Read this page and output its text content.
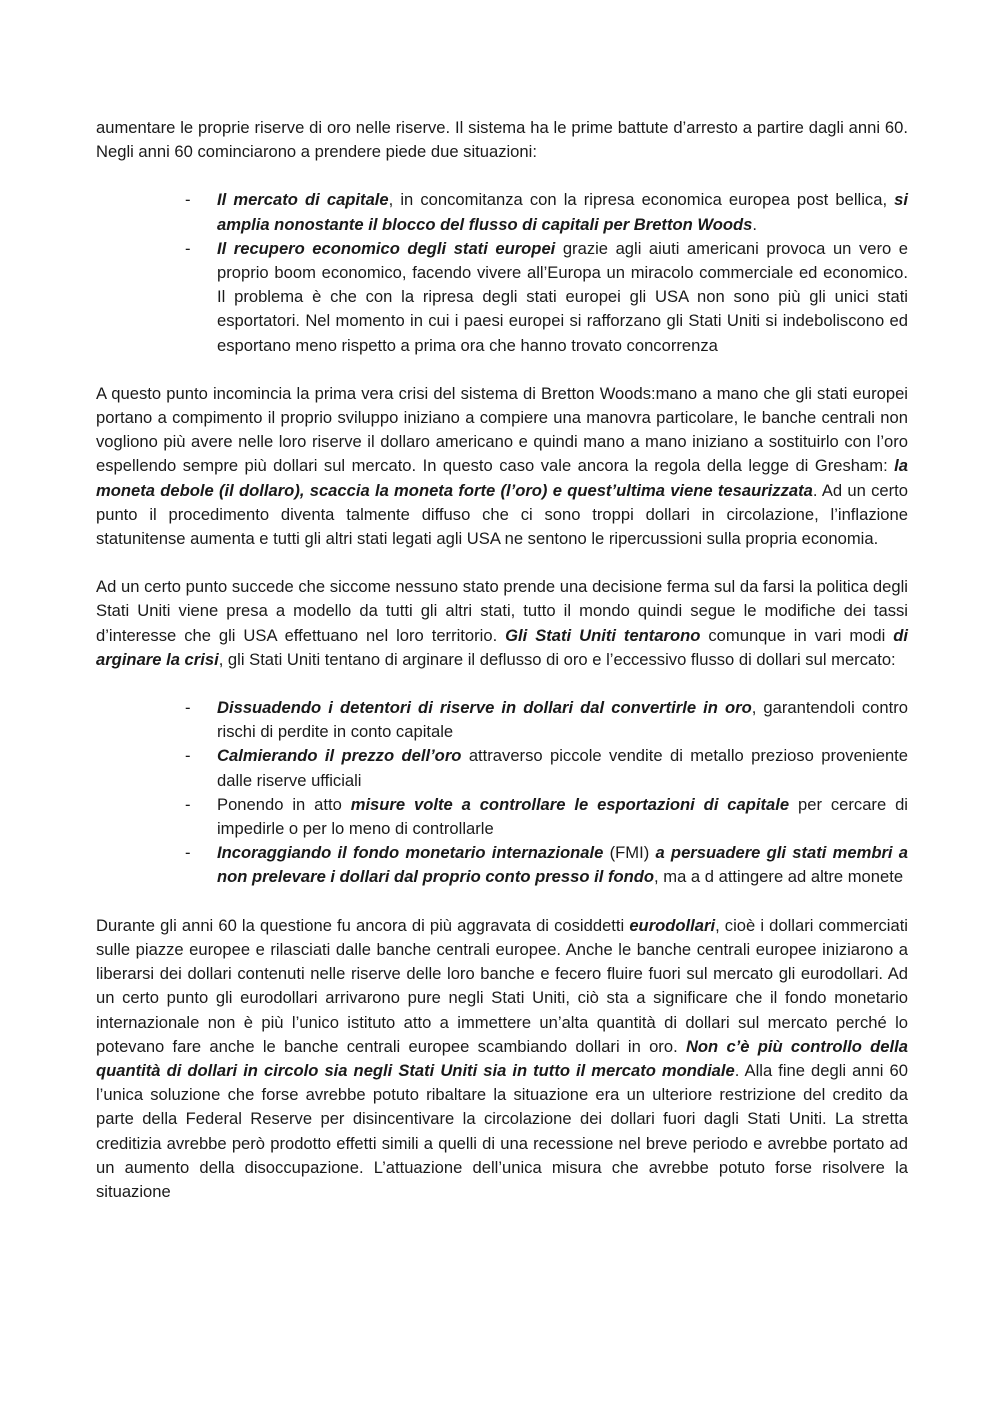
aumentare le proprie riserve di oro nelle riserve. Il sistema ha le prime battute d’arresto a partire dagli anni 60. Negli anni 60 cominciarono a prendere piede due situazioni:

- Il mercato di capitale, in concomitanza con la ripresa economica europea post bellica, si amplia nonostante il blocco del flusso di capitali per Bretton Woods.
- Il recupero economico degli stati europei grazie agli aiuti americani provoca un vero e proprio boom economico, facendo vivere all’Europa un miracolo commerciale ed economico. Il problema è che con la ripresa degli stati europei gli USA non sono più gli unici stati esportatori. Nel momento in cui i paesi europei si rafforzano gli Stati Uniti si indeboliscono ed esportano meno rispetto a prima ora che hanno trovato concorrenza

A questo punto incomincia la prima vera crisi del sistema di Bretton Woods:mano a mano che gli stati europei portano a compimento il proprio sviluppo iniziano a compiere una manovra particolare, le banche centrali non vogliono più avere nelle loro riserve il dollaro americano e quindi mano a mano iniziano a sostituirlo con l’oro espellendo sempre più dollari sul mercato. In questo caso vale ancora la regola della legge di Gresham: la moneta debole (il dollaro), scaccia la moneta forte (l’oro) e quest’ultima viene tesaurizzata. Ad un certo punto il procedimento diventa talmente diffuso che ci sono troppi dollari in circolazione, l’inflazione statunitense aumenta e tutti gli altri stati legati agli USA ne sentono le ripercussioni sulla propria economia.

Ad un certo punto succede che siccome nessuno stato prende una decisione ferma sul da farsi la politica degli Stati Uniti viene presa a modello da tutti gli altri stati, tutto il mondo quindi segue le modifiche dei tassi d’interesse che gli USA effettuano nel loro territorio. Gli Stati Uniti tentarono comunque in vari modi di arginare la crisi, gli Stati Uniti tentano di arginare il deflusso di oro e l’eccessivo flusso di dollari sul mercato:

- Dissuadendo i detentori di riserve in dollari dal convertirle in oro, garantendoli contro rischi di perdite in conto capitale
- Calmierando il prezzo dell’oro attraverso piccole vendite di metallo prezioso proveniente dalle riserve ufficiali
- Ponendo in atto misure volte a controllare le esportazioni di capitale per cercare di impedirle o per lo meno di controllarle
- Incoraggiando il fondo monetario internazionale (FMI) a persuadere gli stati membri a non prelevare i dollari dal proprio conto presso il fondo, ma a d attingere ad altre monete

Durante gli anni 60 la questione fu ancora di più aggravata di cosiddetti eurodollari, cioè i dollari commerciati sulle piazze europee e rilasciati dalle banche centrali europee. Anche le banche centrali europee iniziarono a liberarsi dei dollari contenuti nelle riserve delle loro banche e fecero fluire fuori sul mercato gli eurodollari. Ad un certo punto gli eurodollari arrivarono pure negli Stati Uniti, ciò sta a significare che il fondo monetario internazionale non è più l’unico istituto atto a immettere un’alta quantità di dollari sul mercato perché lo potevano fare anche le banche centrali europee scambiando dollari in oro. Non c’è più controllo della quantità di dollari in circolo sia negli Stati Uniti sia in tutto il mercato mondiale. Alla fine degli anni 60 l’unica soluzione che forse avrebbe potuto ribaltare la situazione era un ulteriore restrizione del credito da parte della Federal Reserve per disincentivare la circolazione dei dollari fuori dagli Stati Uniti. La stretta creditizia avrebbe però prodotto effetti simili a quelli di una recessione nel breve periodo e avrebbe portato ad un aumento della disoccupazione. L’attuazione dell’unica misura che avrebbe potuto forse risolvere la situazione
